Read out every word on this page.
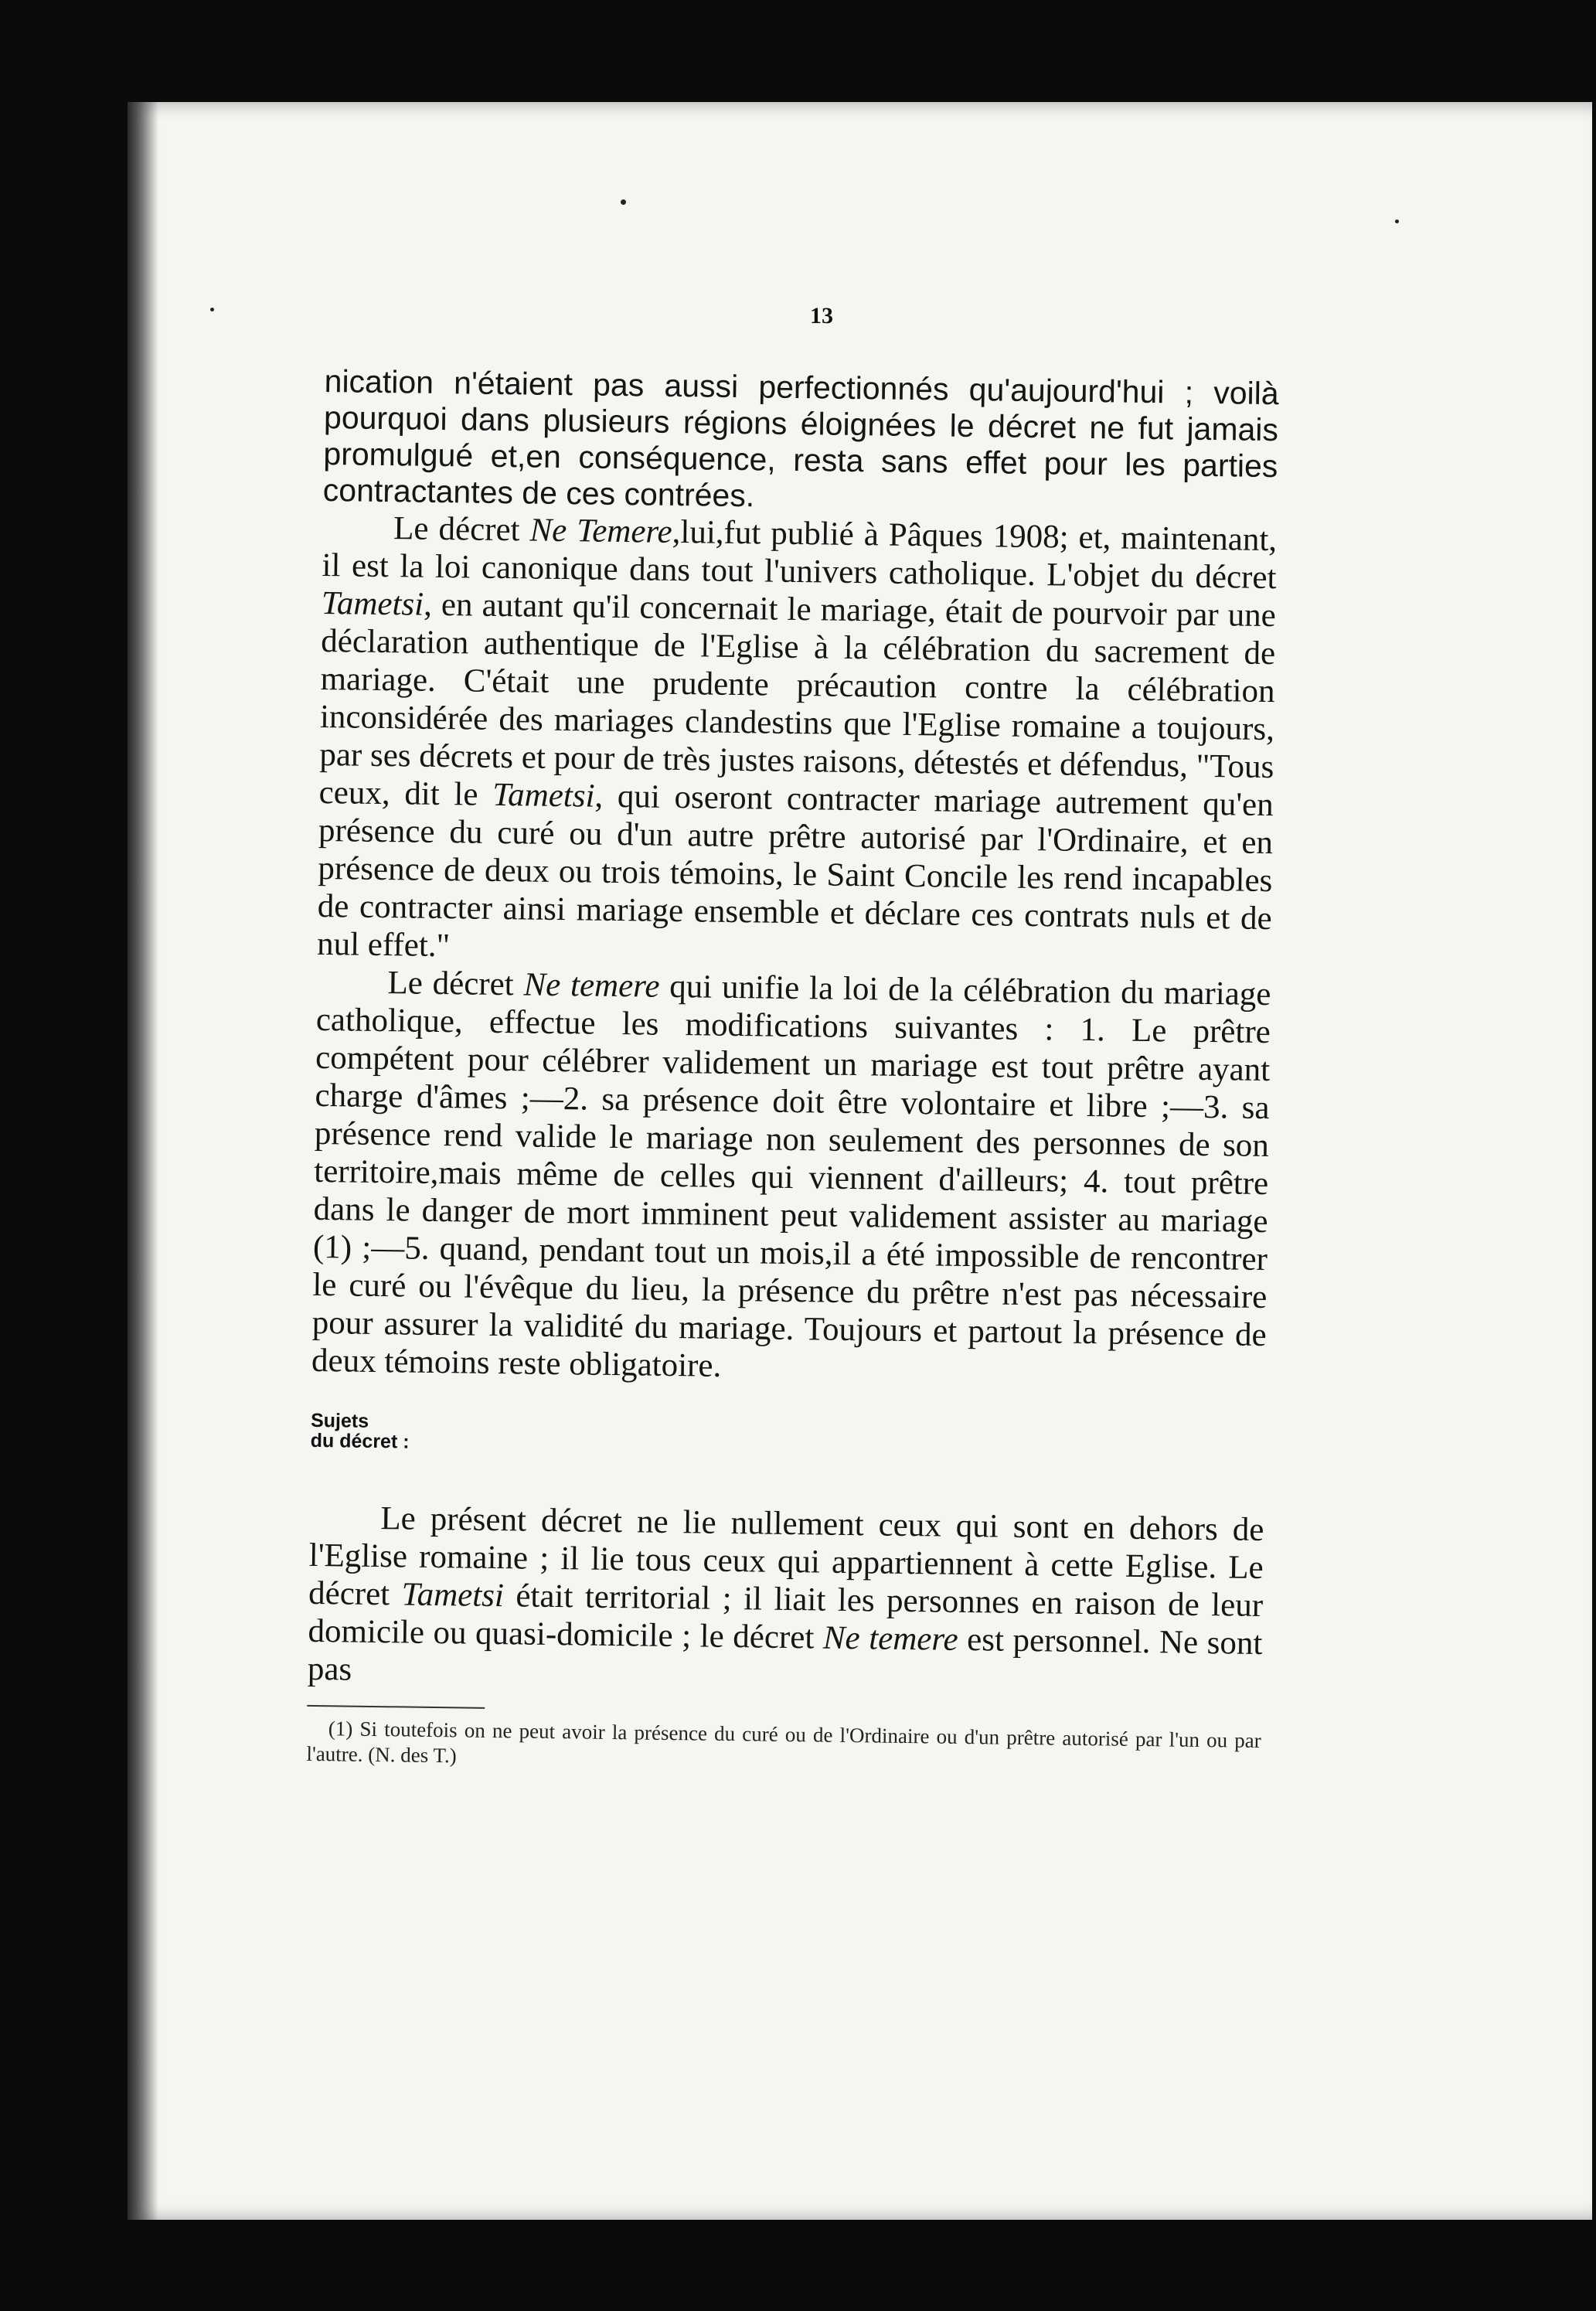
13

nication n'étaient pas aussi perfectionnés qu'aujourd'hui ; voilà pourquoi dans plusieurs régions éloignées le décret ne fut jamais promulgué et,en conséquence, resta sans effet pour les parties contractantes de ces contrées.

Le décret Ne Temere,lui,fut publié à Pâques 1908; et, maintenant, il est la loi canonique dans tout l'univers catholique. L'objet du décret Tametsi, en autant qu'il concernait le mariage, était de pourvoir par une déclaration authentique de l'Eglise à la célébration du sacrement de mariage. C'était une prudente précaution contre la célébration inconsidérée des mariages clandestins que l'Eglise romaine a toujours, par ses décrets et pour de très justes raisons, détestés et défendus, "Tous ceux, dit le Tametsi, qui oseront contracter mariage autrement qu'en présence du curé ou d'un autre prêtre autorisé par l'Ordinaire, et en présence de deux ou trois témoins, le Saint Concile les rend incapables de contracter ainsi mariage ensemble et déclare ces contrats nuls et de nul effet."

Le décret Ne temere qui unifie la loi de la célébration du mariage catholique, effectue les modifications suivantes : 1. Le prêtre compétent pour célébrer validement un mariage est tout prêtre ayant charge d'âmes ;—2. sa présence doit être volontaire et libre ;—3. sa présence rend valide le mariage non seulement des personnes de son territoire,mais même de celles qui viennent d'ailleurs; 4. tout prêtre dans le danger de mort imminent peut validement assister au mariage (1) ;—5. quand, pendant tout un mois,il a été impossible de rencontrer le curé ou l'évêque du lieu, la présence du prêtre n'est pas nécessaire pour assurer la validité du mariage. Toujours et partout la présence de deux témoins reste obligatoire.

Sujets
du décret :

Le présent décret ne lie nullement ceux qui sont en dehors de l'Eglise romaine ; il lie tous ceux qui appartiennent à cette Eglise. Le décret Tametsi était territorial ; il liait les personnes en raison de leur domicile ou quasi-domicile ; le décret Ne temere est personnel. Ne sont pas

(1) Si toutefois on ne peut avoir la présence du curé ou de l'Ordinaire ou d'un prêtre autorisé par l'un ou par l'autre. (N. des T.)
